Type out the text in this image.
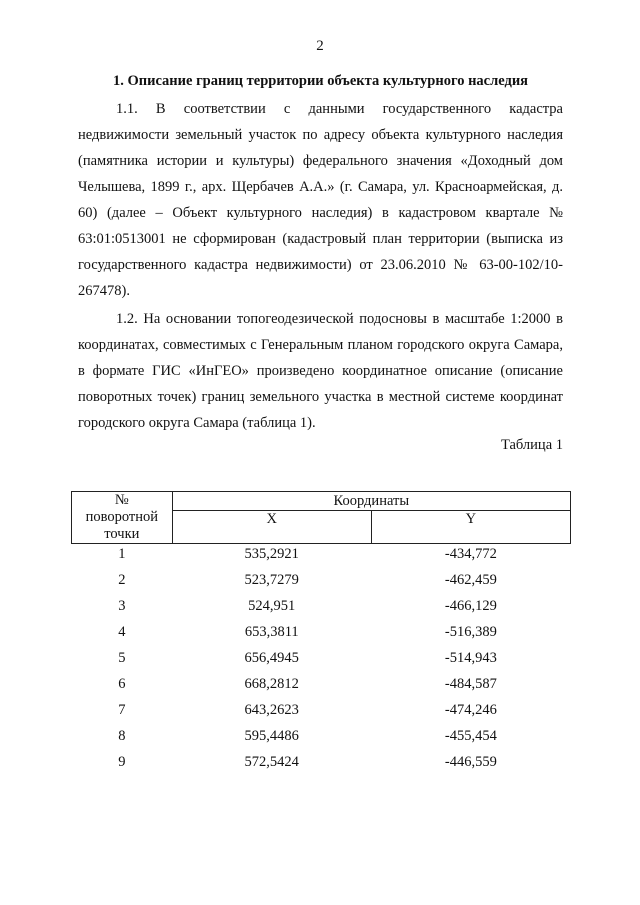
2
1. Описание границ территории объекта культурного наследия

1.1. В соответствии с данными государственного кадастра недвижимости земельный участок по адресу объекта культурного наследия (памятника истории и культуры) федерального значения «Доходный дом Челышева, 1899 г., арх. Щербачев А.А.» (г. Самара, ул. Красноармейская, д. 60) (далее – Объект культурного наследия) в кадастровом квартале № 63:01:0513001 не сформирован (кадастровый план территории (выписка из государственного кадастра недвижимости) от 23.06.2010 № 63-00-102/10-267478).

1.2. На основании топогеодезической подосновы в масштабе 1:2000 в координатах, совместимых с Генеральным планом городского округа Самара, в формате ГИС «ИнГЕО» произведено координатное описание (описание поворотных точек) границ земельного участка в местной системе координат городского округа Самара (таблица 1).

Таблица 1
№
поворотной
точки	Координаты	
	X	Y
1	535,2921	-434,772
2	523,7279	-462,459
3	524,951	-466,129
4	653,3811	-516,389
5	656,4945	-514,943
6	668,2812	-484,587
7	643,2623	-474,246
8	595,4486	-455,454
9	572,5424	-446,559
